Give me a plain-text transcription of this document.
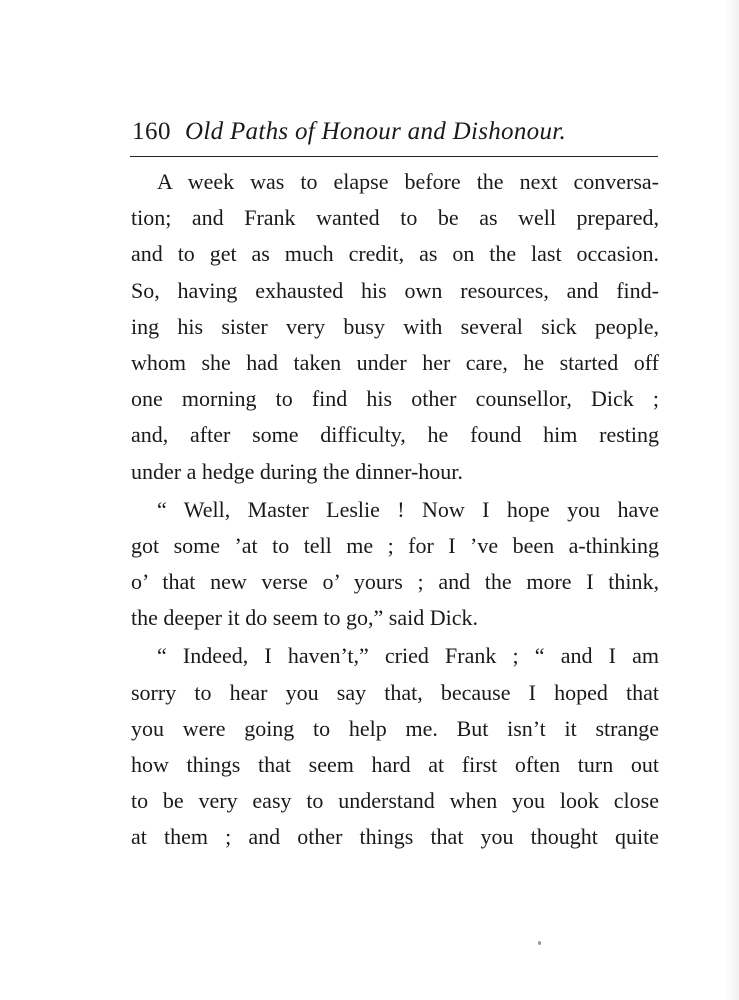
160 Old Paths of Honour and Dishonour.
A week was to elapse before the next conversa-
tion; and Frank wanted to be as well prepared,
and to get as much credit, as on the last occasion.
So, having exhausted his own resources, and find-
ing his sister very busy with several sick people,
whom she had taken under her care, he started off
one morning to find his other counsellor, Dick ;
and, after some difficulty, he found him resting
under a hedge during the dinner-hour.
“ Well, Master Leslie ! Now I hope you have
got some ’at to tell me ; for I ’ve been a-thinking
o’ that new verse o’ yours ; and the more I think,
the deeper it do seem to go,” said Dick.
“ Indeed, I haven’t,” cried Frank ; “ and I am
sorry to hear you say that, because I hoped that
you were going to help me. But isn’t it strange
how things that seem hard at first often turn out
to be very easy to understand when you look close
at them ; and other things that you thought quite
